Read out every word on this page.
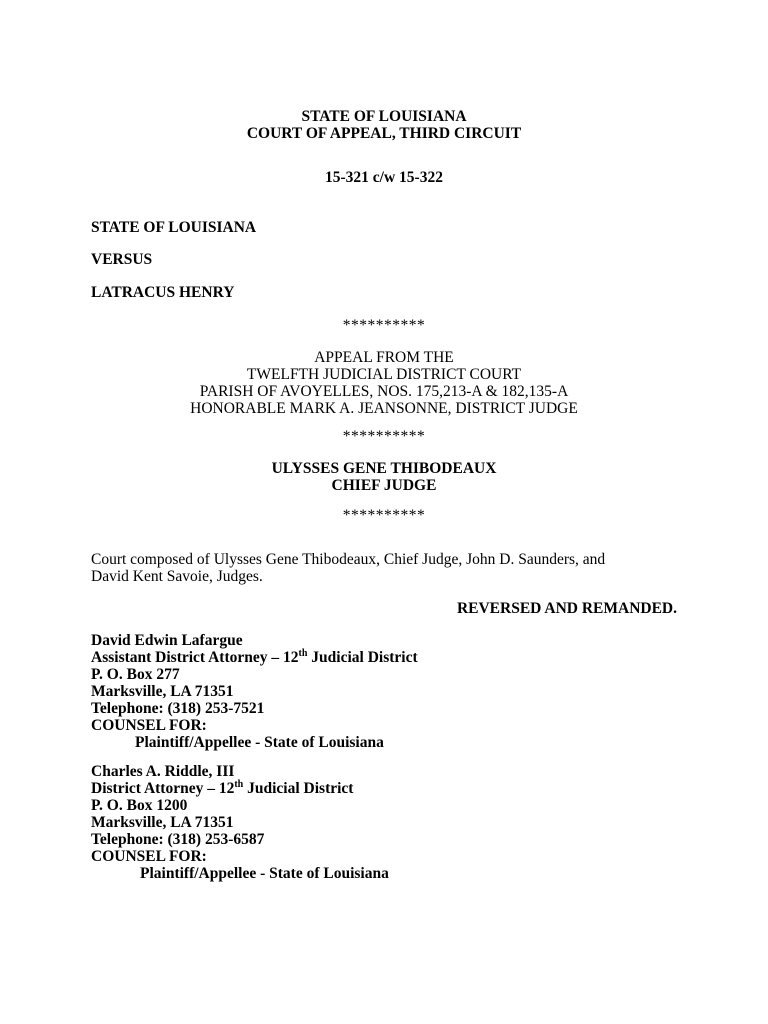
STATE OF LOUISIANA
COURT OF APPEAL, THIRD CIRCUIT
15-321 c/w 15-322
STATE OF LOUISIANA
VERSUS
LATRACUS HENRY
**********
APPEAL FROM THE
TWELFTH JUDICIAL DISTRICT COURT
PARISH OF AVOYELLES, NOS. 175,213-A & 182,135-A
HONORABLE MARK A. JEANSONNE, DISTRICT JUDGE
**********
ULYSSES GENE THIBODEAUX
CHIEF JUDGE
**********
Court composed of Ulysses Gene Thibodeaux, Chief Judge, John D. Saunders, and
David Kent Savoie, Judges.
REVERSED AND REMANDED.
David Edwin Lafargue
Assistant District Attorney – 12th Judicial District
P. O. Box 277
Marksville, LA 71351
Telephone: (318) 253-7521
COUNSEL FOR:
Plaintiff/Appellee - State of Louisiana
Charles A. Riddle, III
District Attorney – 12th Judicial District
P. O. Box 1200
Marksville, LA 71351
Telephone: (318) 253-6587
COUNSEL FOR:
Plaintiff/Appellee - State of Louisiana
